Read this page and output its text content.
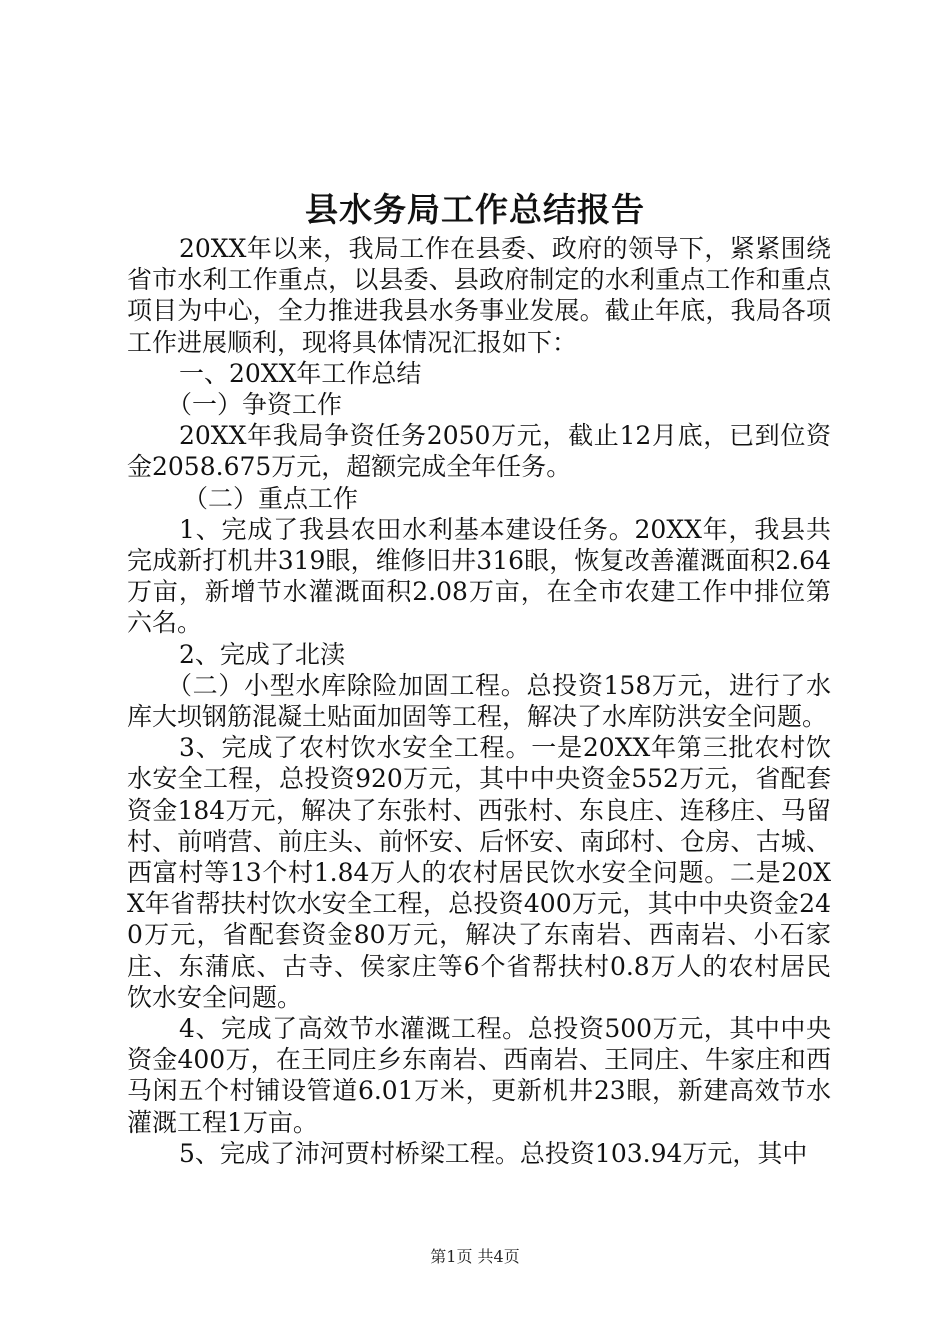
县水务局工作总结报告

20XX年以来，我局工作在县委、政府的领导下，紧紧围绕省市水利工作重点，以县委、县政府制定的水利重点工作和重点项目为中心，全力推进我县水务事业发展。截止年底，我局各项工作进展顺利，现将具体情况汇报如下：

一、20XX年工作总结

（一）争资工作

20XX年我局争资任务2050万元，截止12月底，已到位资金2058.675万元，超额完成全年任务。

（二）重点工作

1、完成了我县农田水利基本建设任务。20XX年，我县共完成新打机井319眼，维修旧井316眼，恢复改善灌溉面积2.64万亩，新增节水灌溉面积2.08万亩，在全市农建工作中排位第六名。

2、完成了北渎

（二）小型水库除险加固工程。总投资158万元，进行了水库大坝钢筋混凝土贴面加固等工程，解决了水库防洪安全问题。

3、完成了农村饮水安全工程。一是20XX年第三批农村饮水安全工程，总投资920万元，其中中央资金552万元，省配套资金184万元，解决了东张村、西张村、东良庄、连移庄、马留村、前哨营、前庄头、前怀安、后怀安、南邱村、仓房、古城、西富村等13个村1.84万人的农村居民饮水安全问题。二是20XX年省帮扶村饮水安全工程，总投资400万元，其中中央资金240万元，省配套资金80万元，解决了东南岩、西南岩、小石家庄、东蒲底、古寺、侯家庄等6个省帮扶村0.8万人的农村居民饮水安全问题。

4、完成了高效节水灌溉工程。总投资500万元，其中中央资金400万，在王同庄乡东南岩、西南岩、王同庄、牛家庄和西马闲五个村铺设管道6.01万米，更新机井23眼，新建高效节水灌溉工程1万亩。

5、完成了沛河贾村桥梁工程。总投资103.94万元，其中

第1页 共4页
